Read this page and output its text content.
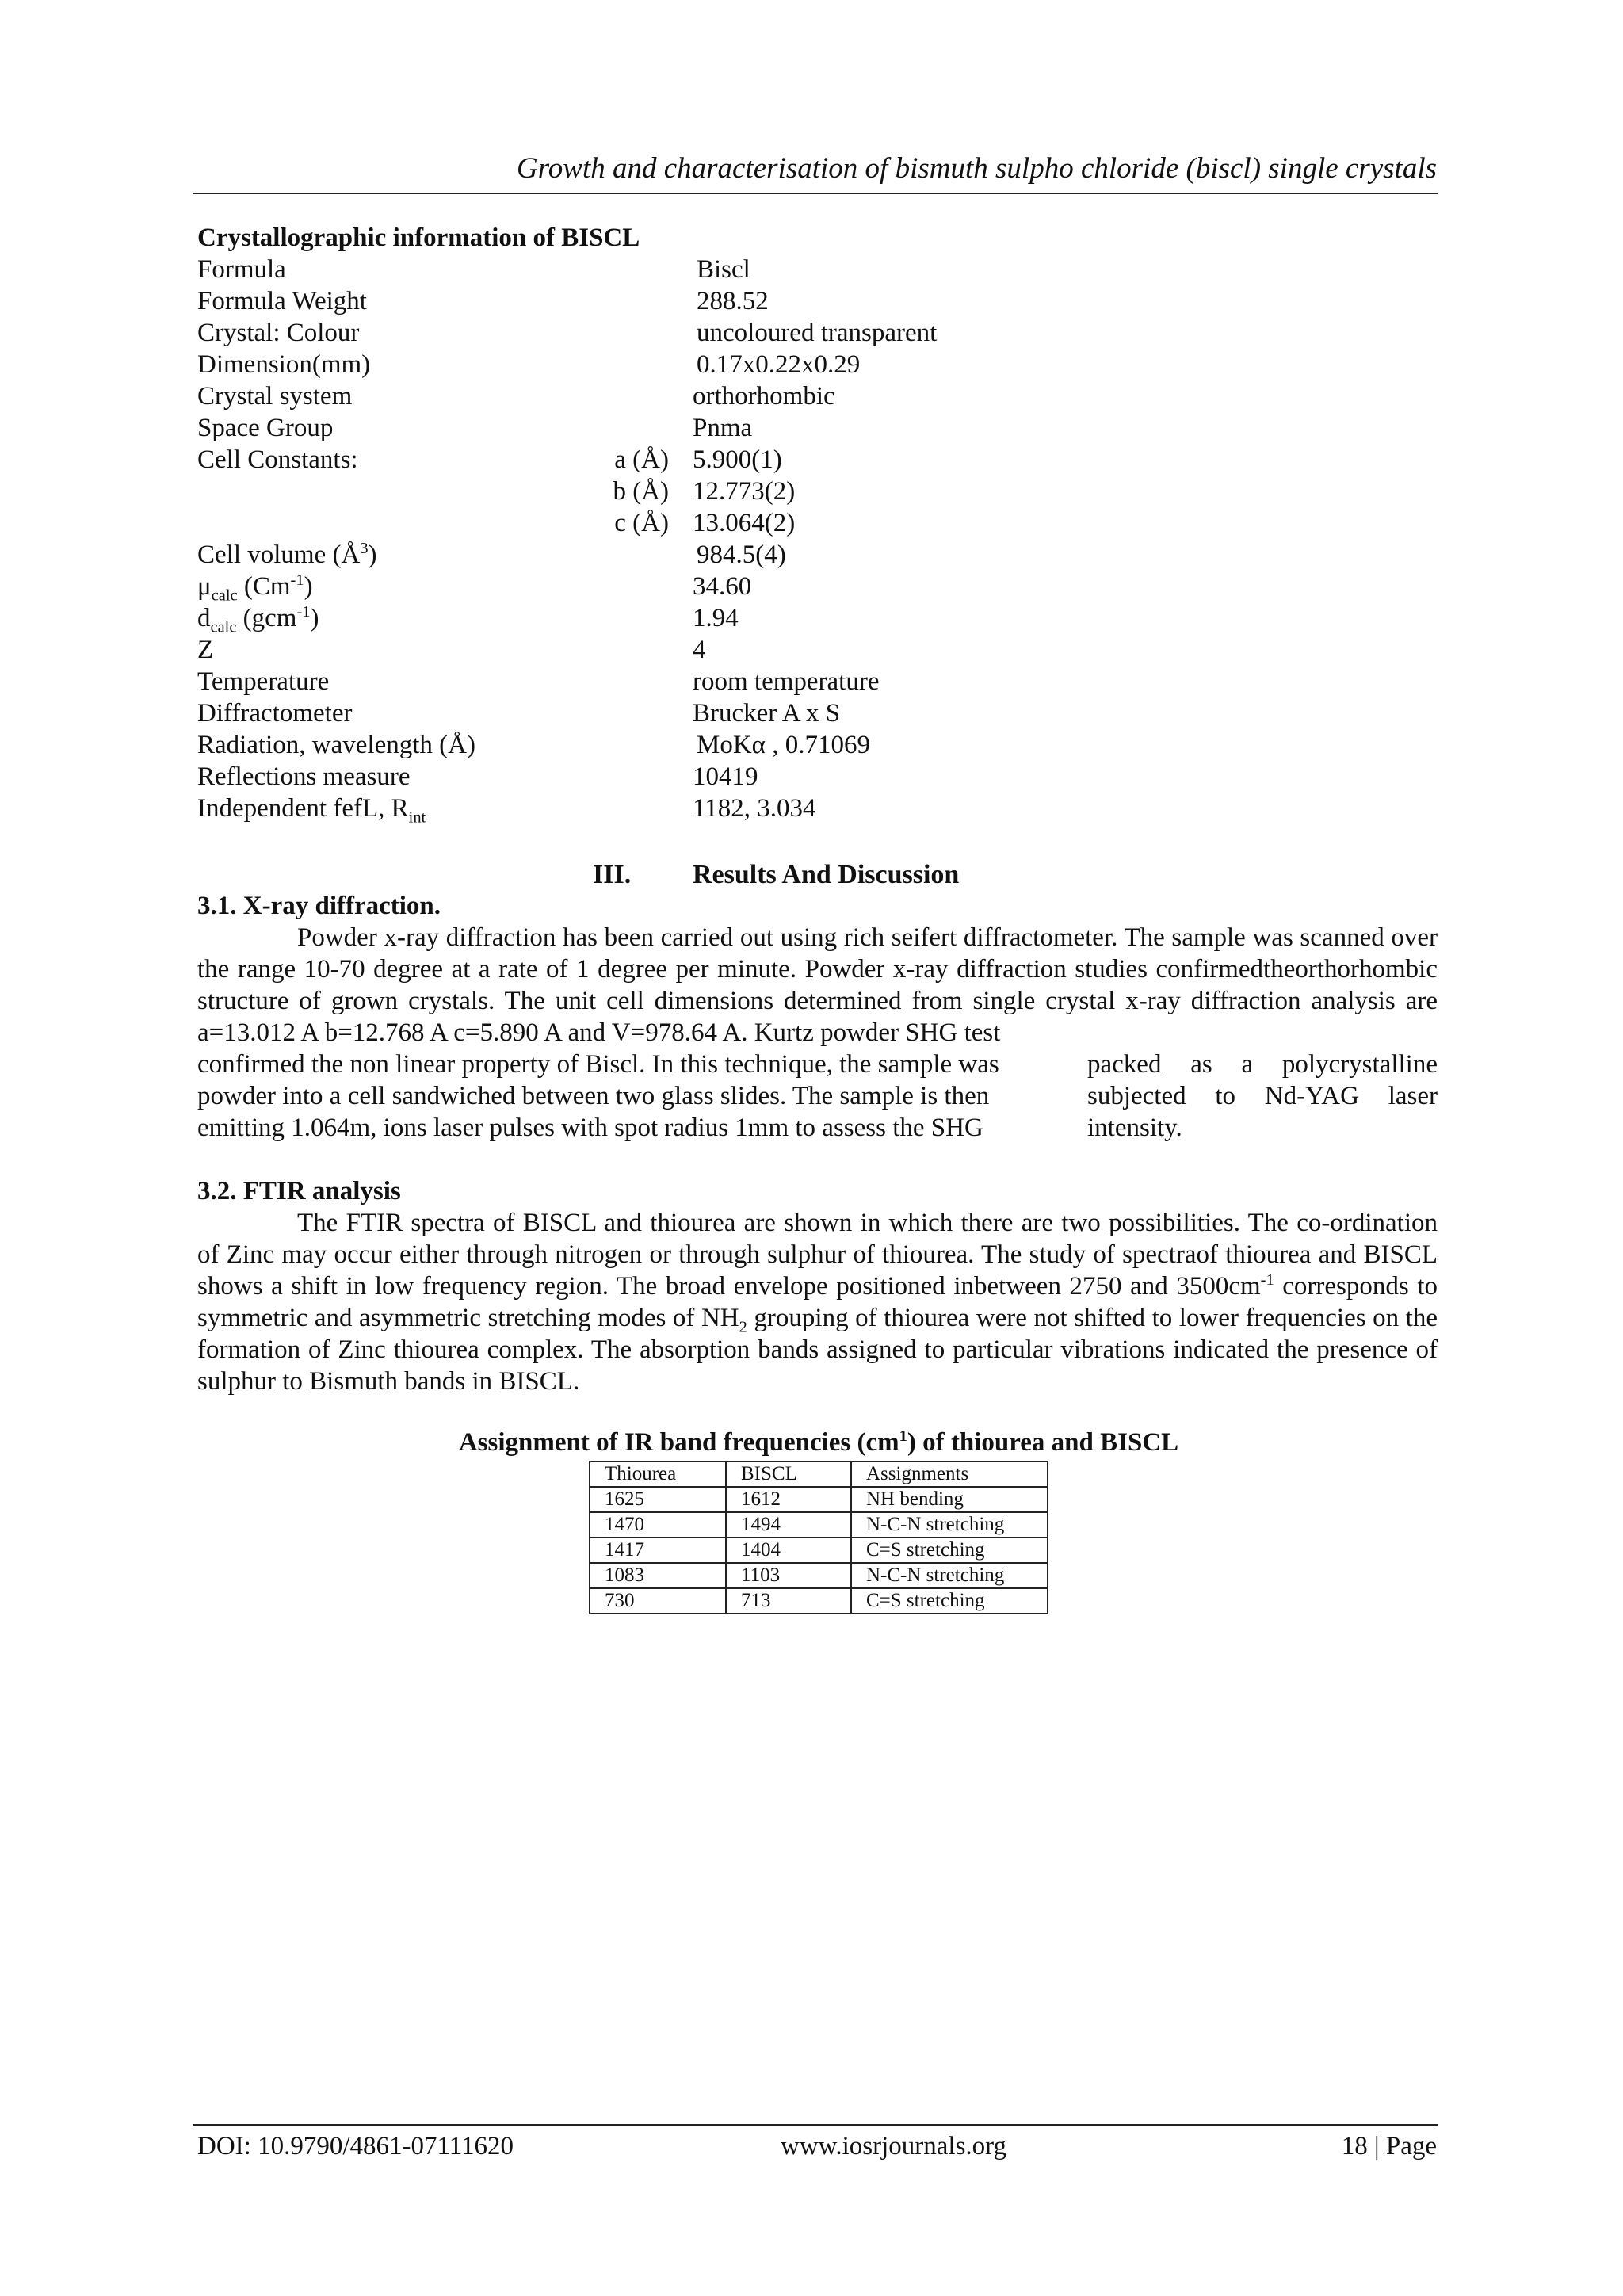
Growth and characterisation of bismuth sulpho chloride (biscl) single crystals
Crystallographic information of BISCL
Formula	Biscl
Formula Weight	288.52
Crystal: Colour	uncoloured transparent
Dimension(mm)	0.17x0.22x0.29
Crystal system	orthorhombic
Space Group	Pnma
Cell Constants:	a (Å) 5.900(1)
b (Å) 12.773(2)
c (Å) 13.064(2)
Cell volume $(Å^3)$	984.5(4)
$\mu_{calc}$ $(Cm^{-1})$	34.60
$d_{calc}$ (gcm$^{-1}$)	1.94
Z	4
Temperature	room temperature
Diffractometer	Brucker A x S
Radiation, wavelength (Å)	MoKα , 0.71069
Reflections measure	10419
Independent fefL, $R_{int}$	1182, 3.034
III. Results And Discussion
3.1. X-ray diffraction.

Powder x-ray diffraction has been carried out using rich seifert diffractometer. The sample was scanned over the range 10-70 degree at a rate of 1 degree per minute. Powder x-ray diffraction studies confirmedtheorthorhombic structure of grown crystals. The unit cell dimensions determined from single crystal x-ray diffraction analysis are a=13.012 A b=12.768 A c=5.890 A and V=978.64 A. Kurtz powder SHG test

confirmed the non linear property of Biscl. In this technique, the sample was
powder into a cell sandwiched between two glass slides. The sample is then
emitting 1.064m, ions laser pulses with spot radius 1mm to assess the SHG
packed as a polycrystalline
subjected to Nd-YAG laser
intensity.
3.2. FTIR analysis

The FTIR spectra of BISCL and thiourea are shown in which there are two possibilities. The co-ordination of Zinc may occur either through nitrogen or through sulphur of thiourea. The study of spectraof thiourea and BISCL shows a shift in low frequency region. The broad envelope positioned inbetween 2750 and $3500cm^{-1}$ corresponds to symmetric and asymmetric stretching modes of $NH_2$ grouping of thiourea were not shifted to lower frequencies on the formation of Zinc thiourea complex. The absorption bands assigned to particular vibrations indicated the presence of sulphur to Bismuth bands in BISCL.

Assignment of IR band frequencies $(cm^1)$ of thiourea and BISCL
Thiourea	BISCL	Assignments
1625	1612	NH bending
1470	1494	N-C-N stretching
1417	1404	C=S stretching
1083	1103	N-C-N stretching
730	713	C=S stretching
DOI: 10.9790/4861-07111620	www.iosrjournals.org	18 | Page
